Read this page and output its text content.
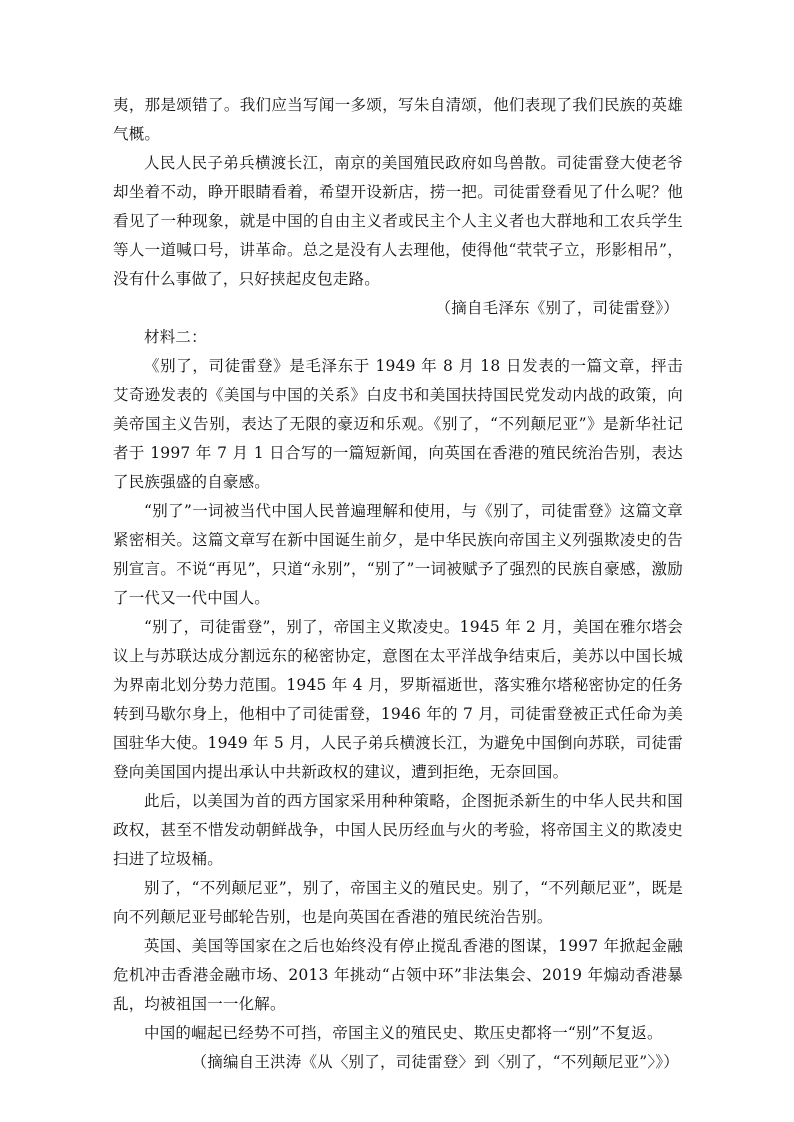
夷，那是颂错了。我们应当写闻一多颂，写朱自清颂，他们表现了我们民族的英雄气概。

人民人民子弟兵横渡长江，南京的美国殖民政府如鸟兽散。司徒雷登大使老爷却坐着不动，睁开眼睛看着，希望开设新店，捞一把。司徒雷登看见了什么呢？他看见了一种现象，就是中国的自由主义者或民主个人主义者也大群地和工农兵学生等人一道喊口号，讲革命。总之是没有人去理他，使得他“茕茕孑立，形影相吊”，没有什么事做了，只好挟起皮包走路。

（摘自毛泽东《别了，司徒雷登》）

材料二：

《别了，司徒雷登》是毛泽东于 1949 年 8 月 18 日发表的一篇文章，抨击艾奇逊发表的《美国与中国的关系》白皮书和美国扶持国民党发动内战的政策，向美帝国主义告别，表达了无限的豪迈和乐观。《别了，“不列颠尼亚”》是新华社记者于 1997 年 7 月 1 日合写的一篇短新闻，向英国在香港的殖民统治告别，表达了民族强盛的自豪感。

“别了”一词被当代中国人民普遍理解和使用，与《别了，司徒雷登》这篇文章紧密相关。这篇文章写在新中国诞生前夕，是中华民族向帝国主义列强欺凌史的告别宣言。不说“再见”，只道“永别”，“别了”一词被赋予了强烈的民族自豪感，激励了一代又一代中国人。

“别了，司徒雷登”，别了，帝国主义欺凌史。1945 年 2 月，美国在雅尔塔会议上与苏联达成分割远东的秘密协定，意图在太平洋战争结束后，美苏以中国长城为界南北划分势力范围。1945 年 4 月，罗斯福逝世，落实雅尔塔秘密协定的任务转到马歇尔身上，他相中了司徒雷登，1946 年的 7 月，司徒雷登被正式任命为美国驻华大使。1949 年 5 月，人民子弟兵横渡长江，为避免中国倒向苏联，司徒雷登向美国国内提出承认中共新政权的建议，遭到拒绝，无奈回国。

此后，以美国为首的西方国家采用种种策略，企图扼杀新生的中华人民共和国政权，甚至不惜发动朝鲜战争，中国人民历经血与火的考验，将帝国主义的欺凌史扫进了垃圾桶。

别了，“不列颠尼亚”，别了，帝国主义的殖民史。别了，“不列颠尼亚”，既是向不列颠尼亚号邮轮告别，也是向英国在香港的殖民统治告别。

英国、美国等国家在之后也始终没有停止搅乱香港的图谋，1997 年掀起金融危机冲击香港金融市场、2013 年挑动“占领中环”非法集会、2019 年煽动香港暴乱，均被祖国一一化解。

中国的崛起已经势不可挡，帝国主义的殖民史、欺压史都将一“别”不复返。

（摘编自王洪涛《从〈别了，司徒雷登〉到〈别了，“不列颠尼亚”〉》）
